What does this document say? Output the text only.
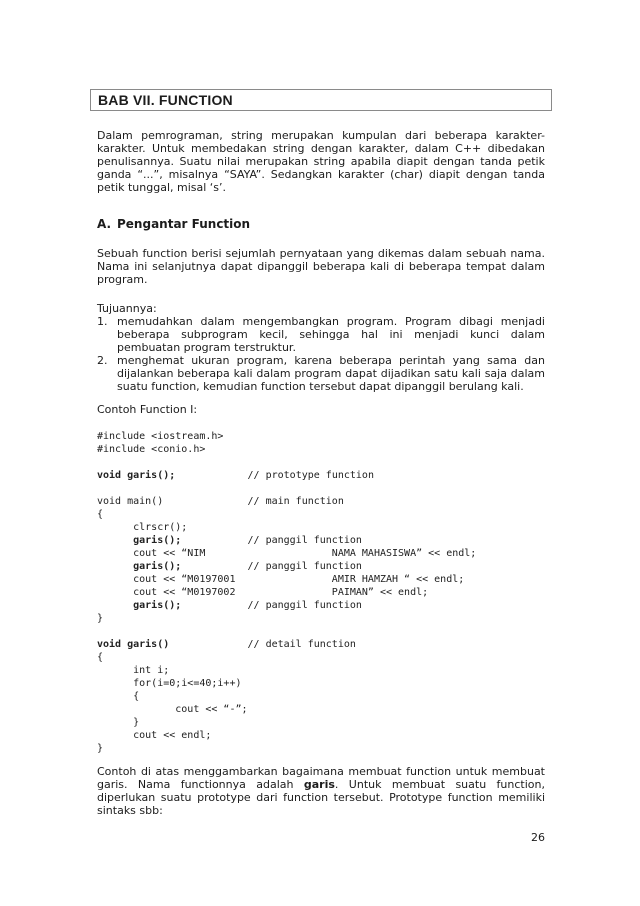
BAB VII. FUNCTION

Dalam pemrograman, string merupakan kumpulan dari beberapa karakter-karakter. Untuk membedakan string dengan karakter, dalam C++ dibedakan penulisannya. Suatu nilai merupakan string apabila diapit dengan tanda petik ganda “...”, misalnya “SAYA”. Sedangkan karakter (char) diapit dengan tanda petik tunggal, misal ‘s’.

A. Pengantar Function

Sebuah function berisi sejumlah pernyataan yang dikemas dalam sebuah nama. Nama ini selanjutnya dapat dipanggil beberapa kali di beberapa tempat dalam program.

Tujuannya:
1. memudahkan dalam mengembangkan program. Program dibagi menjadi beberapa subprogram kecil, sehingga hal ini menjadi kunci dalam pembuatan program terstruktur.
2. menghemat ukuran program, karena beberapa perintah yang sama dan dijalankan beberapa kali dalam program dapat dijadikan satu kali saja dalam suatu function, kemudian function tersebut dapat dipanggil berulang kali.
Contoh Function I:
#include <iostream.h>
#include <conio.h>
void garis();            // prototype function
void main()              // main function
{
clrscr();
garis();           // panggil function
cout << “NIM                     NAMA MAHASISWA” << endl;
garis();           // panggil function
cout << “M0197001                AMIR HAMZAH “ << endl;
cout << “M0197002                PAIMAN” << endl;
garis();           // panggil function
}
void garis()             // detail function
{
int i;
for(i=0;i<=40;i++)
{
cout << “-”;
}
cout << endl;
}

Contoh di atas menggambarkan bagaimana membuat function untuk membuat garis. Nama functionnya adalah garis. Untuk membuat suatu function, diperlukan suatu prototype dari function tersebut. Prototype function memiliki sintaks sbb:

26
